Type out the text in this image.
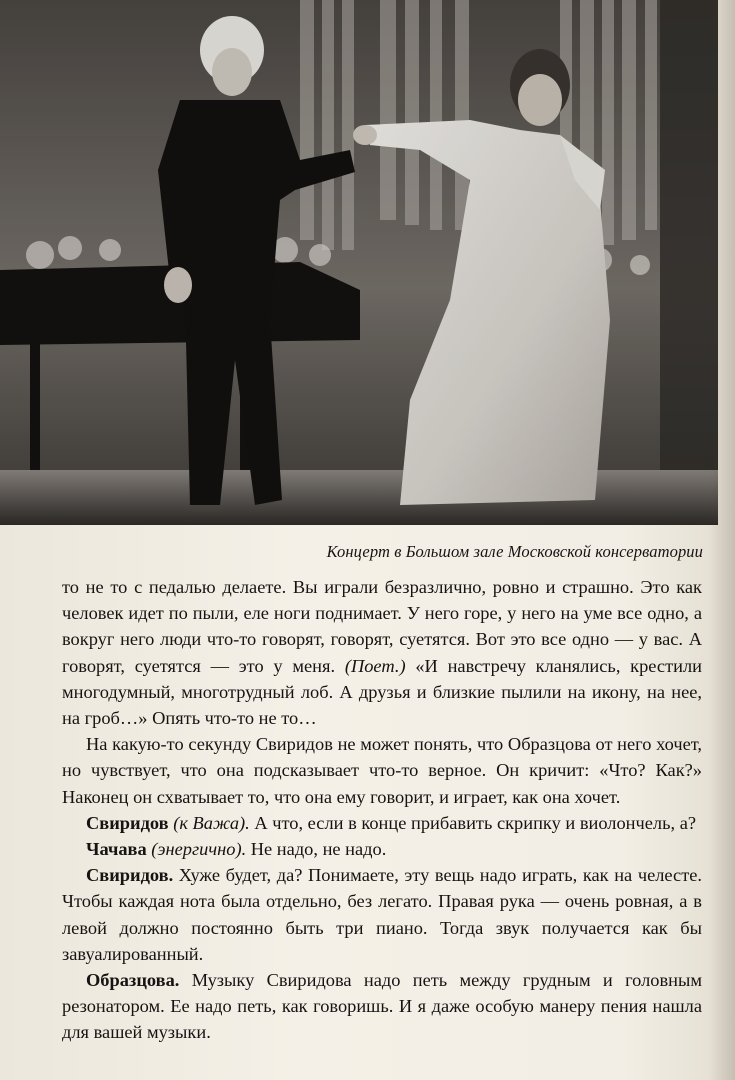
Концерт в Большом зале Московской консерватории

то не то с педалью делаете. Вы играли безразлично, ровно и страшно. Это как человек идет по пыли, еле ноги поднимает. У него горе, у него на уме все одно, а вокруг него люди что-то говорят, говорят, суетятся. Вот это все одно — у вас. А говорят, суетятся — это у меня. (Поет.) «И навстречу кланялись, крестили многодумный, многотрудный лоб. А друзья и близкие пылили на икону, на нее, на гроб…» Опять что-то не то…

На какую-то секунду Свиридов не может понять, что Образцова от него хочет, но чувствует, что она подсказывает что-то верное. Он кричит: «Что? Как?» Наконец он схватывает то, что она ему говорит, и играет, как она хочет.

Свиридов (к Важа). А что, если в конце прибавить скрипку и виолончель, а?

Чачава (энергично). Не надо, не надо.

Свиридов. Хуже будет, да? Понимаете, эту вещь надо играть, как на челесте. Чтобы каждая нота была отдельно, без легато. Правая рука — очень ровная, а в левой должно постоянно быть три пиано. Тогда звук получается как бы завуалированный.

Образцова. Музыку Свиридова надо петь между грудным и головным резонатором. Ее надо петь, как говоришь. И я даже особую манеру пения нашла для вашей музыки.
